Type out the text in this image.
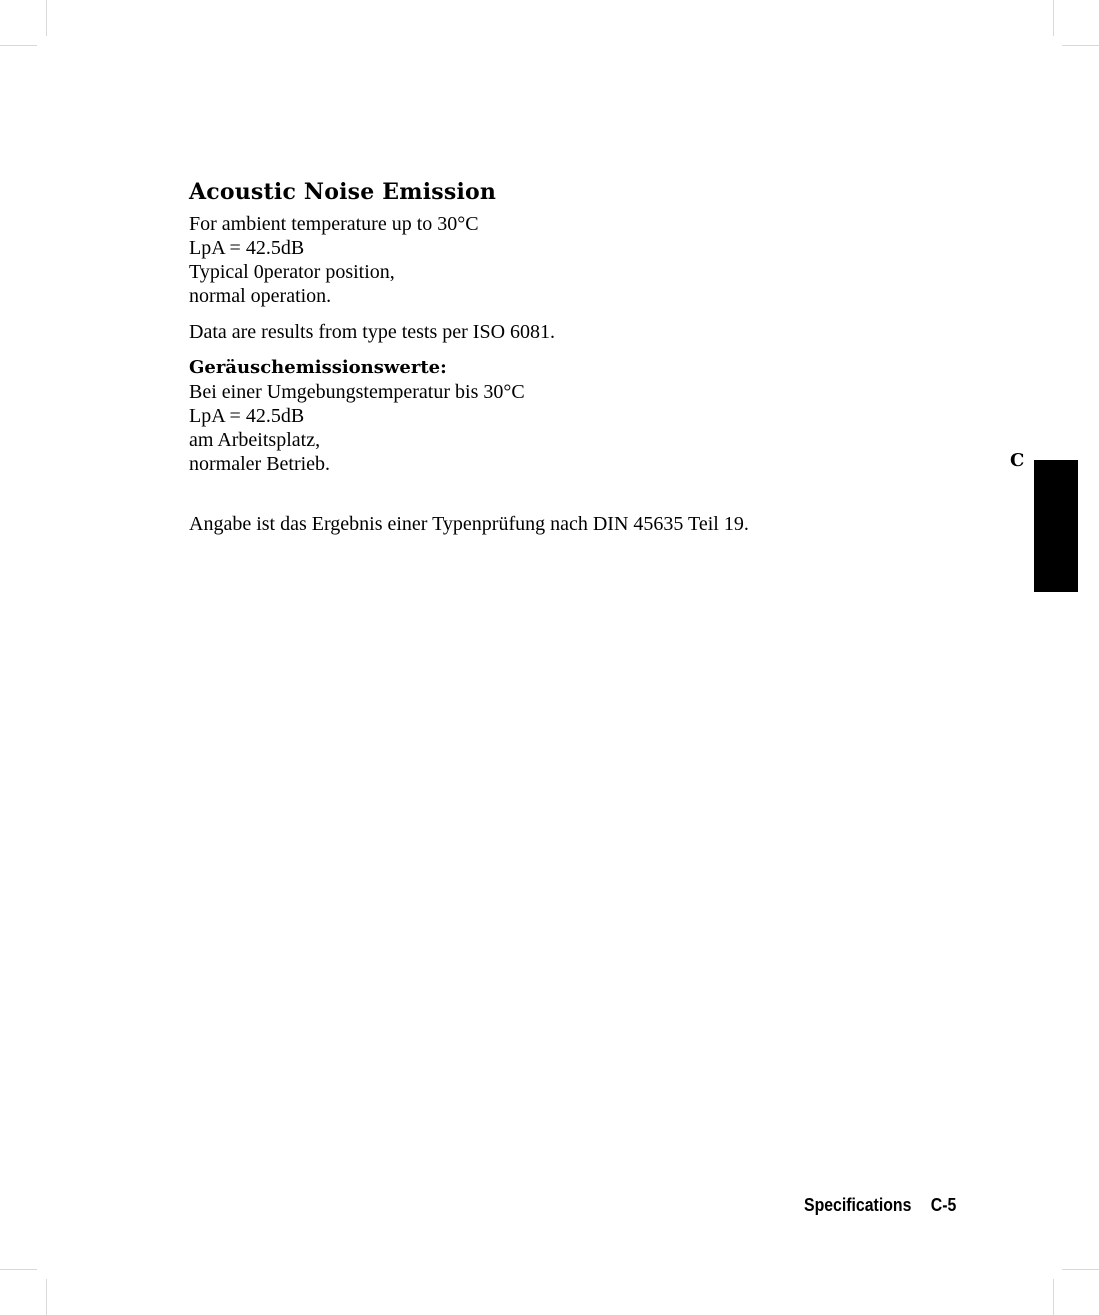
Acoustic Noise Emission
For ambient temperature up to 30°C
LpA = 42.5dB
Typical 0perator position,
normal operation.
Data are results from type tests per ISO 6081.
Geräuschemissionswerte:
Bei einer Umgebungstemperatur bis 30°C
LpA = 42.5dB
am Arbeitsplatz,
normaler Betrieb.
Angabe ist das Ergebnis einer Typenprüfung nach DIN 45635 Teil 19.
C
Specifications C-5
